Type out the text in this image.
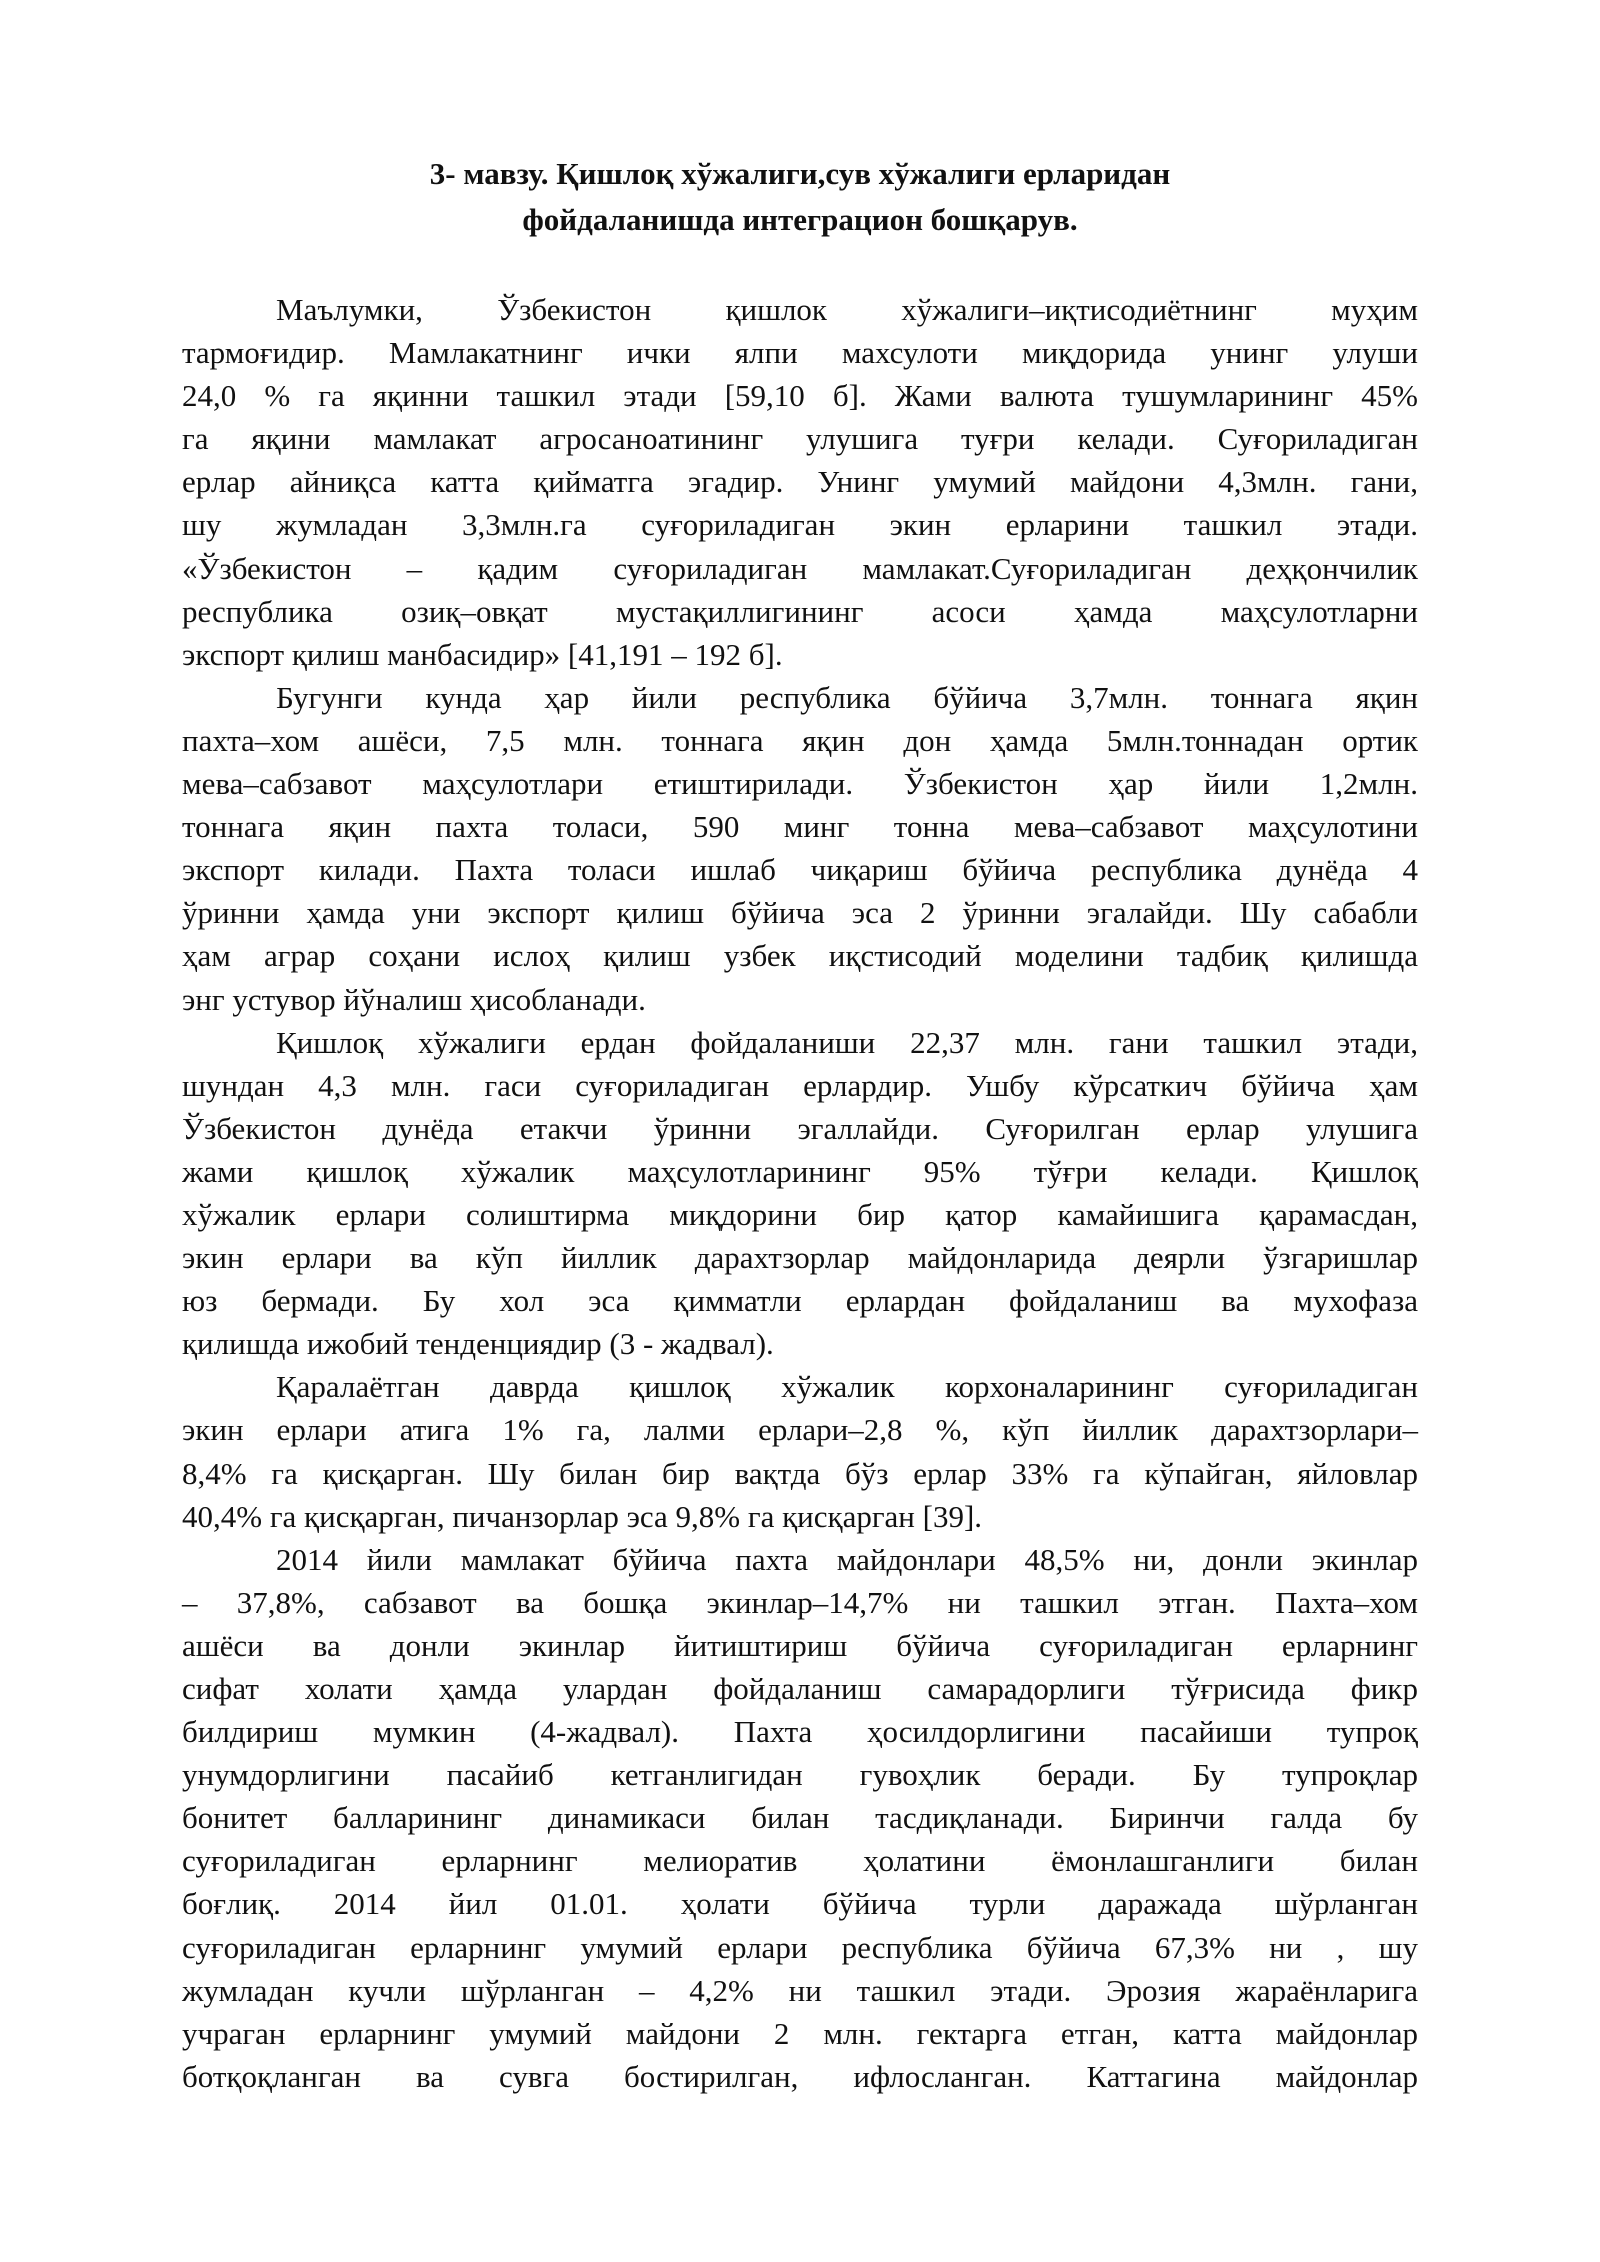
3- мавзу. Қишлоқ хўжалиги,сув хўжалиги ерларидан
фойдаланишда интеграцион бошқарув.
Маълумки, Ўзбекистон қишлок хўжалиги–иқтисодиётнинг муҳим
тармоғидир. Мамлакатнинг ички ялпи махсулоти миқдорида унинг улуши
24,0 % га яқинни ташкил этади [59,10 б]. Жами валюта тушумларининг 45%
га яқини мамлакат агросаноатининг улушига туғри келади. Суғориладиган
ерлар айниқса катта қийматга эгадир. Унинг умумий майдони 4,3млн. гани,
шу жумладан 3,3млн.га суғориладиган экин ерларини ташкил этади.
«Ўзбекистон – қадим суғориладиган мамлакат.Суғориладиган деҳқончилик
республика озиқ–овқат мустақиллигининг асоси ҳамда маҳсулотларни
экспорт қилиш манбасидир» [41,191 – 192 б].
Бугунги кунда ҳар йили республика бўйича 3,7млн. тоннага яқин
пахта–хом ашёси, 7,5 млн. тоннага яқин дон ҳамда 5млн.тоннадан ортик
мева–сабзавот маҳсулотлари етиштирилади. Ўзбекистон ҳар йили 1,2млн.
тоннага яқин пахта толаси, 590 минг тонна мева–сабзавот маҳсулотини
экспорт килади. Пахта толаси ишлаб чиқариш бўйича республика дунёда 4
ўринни ҳамда уни экспорт қилиш бўйича эса 2 ўринни эгалайди. Шу сабабли
ҳам аграр соҳани ислоҳ қилиш узбек иқстисодий моделини тадбиқ қилишда
энг устувор йўналиш ҳисобланади.
Қишлоқ хўжалиги ердан фойдаланиши 22,37 млн. гани ташкил этади,
шундан 4,3 млн. гаси суғориладиган ерлардир. Ушбу кўрсаткич бўйича ҳам
Ўзбекистон дунёда етакчи ўринни эгаллайди. Суғорилган ерлар улушига
жами қишлоқ хўжалик маҳсулотларининг 95% тўғри келади. Қишлоқ
хўжалик ерлари солиштирма миқдорини бир қатор камайишига қарамасдан,
экин ерлари ва кўп йиллик дарахтзорлар майдонларида деярли ўзгаришлар
юз бермади. Бу хол эса қимматли ерлардан фойдаланиш ва мухофаза
қилишда ижобий тенденциядир (3 - жадвал).
Қаралаётган даврда қишлоқ хўжалик корхоналарининг суғориладиган
экин ерлари атига 1% га, лалми ерлари–2,8 %, кўп йиллик дарахтзорлари–
8,4% га қисқарган. Шу билан бир вақтда бўз ерлар 33% га кўпайган, яйловлар
40,4% га қисқарган, пичанзорлар эса 9,8% га қисқарган [39].
2014 йили мамлакат бўйича пахта майдонлари 48,5% ни, донли экинлар
– 37,8%, сабзавот ва бошқа экинлар–14,7% ни ташкил этган. Пахта–хом
ашёси ва донли экинлар йитиштириш бўйича суғориладиган ерларнинг
сифат холати ҳамда улардан фойдаланиш самарадорлиги тўғрисида фикр
билдириш мумкин (4-жадвал). Пахта ҳосилдорлигини пасайиши тупроқ
унумдорлигини пасайиб кетганлигидан гувоҳлик беради. Бу тупроқлар
бонитет балларининг динамикаси билан тасдиқланади. Биринчи галда бу
суғориладиган ерларнинг мелиоратив ҳолатини ёмонлашганлиги билан
боғлиқ. 2014 йил 01.01. ҳолати бўйича турли даражада шўрланган
суғориладиган ерларнинг умумий ерлари республика бўйича 67,3% ни , шу
жумладан кучли шўрланган – 4,2% ни ташкил этади. Эрозия жараёнларига
учраган ерларнинг умумий майдони 2 млн. гектарга етган, катта майдонлар
ботқоқланган ва сувга бостирилган, ифлосланган. Каттагина майдонлар
